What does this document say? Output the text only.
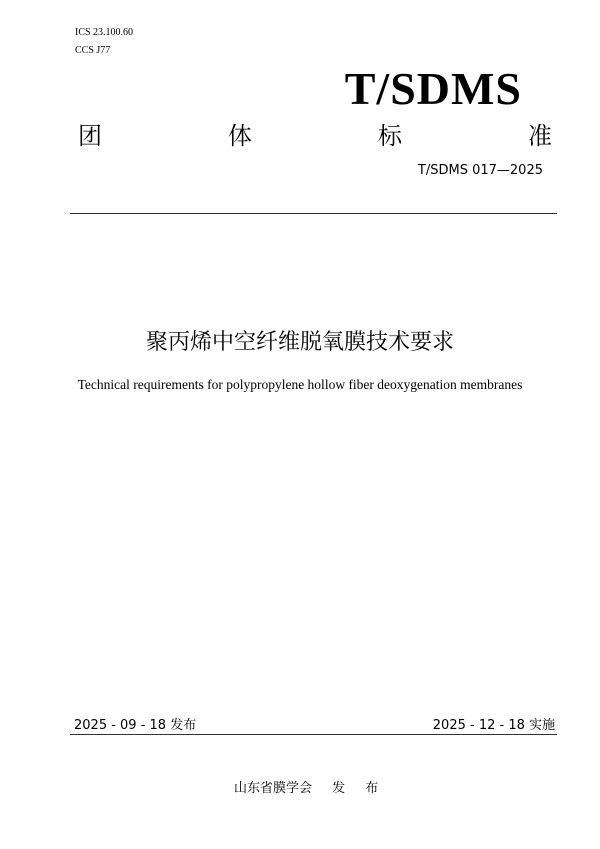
ICS 23.100.60
CCS J77
T/SDMS
团	体	标	准
T/SDMS 017—2025
聚丙烯中空纤维脱氧膜技术要求
Technical requirements for polypropylene hollow fiber deoxygenation membranes
2025 - 09 - 18 发布	2025 - 12 - 18 实施
山东省膜学会 发 布
